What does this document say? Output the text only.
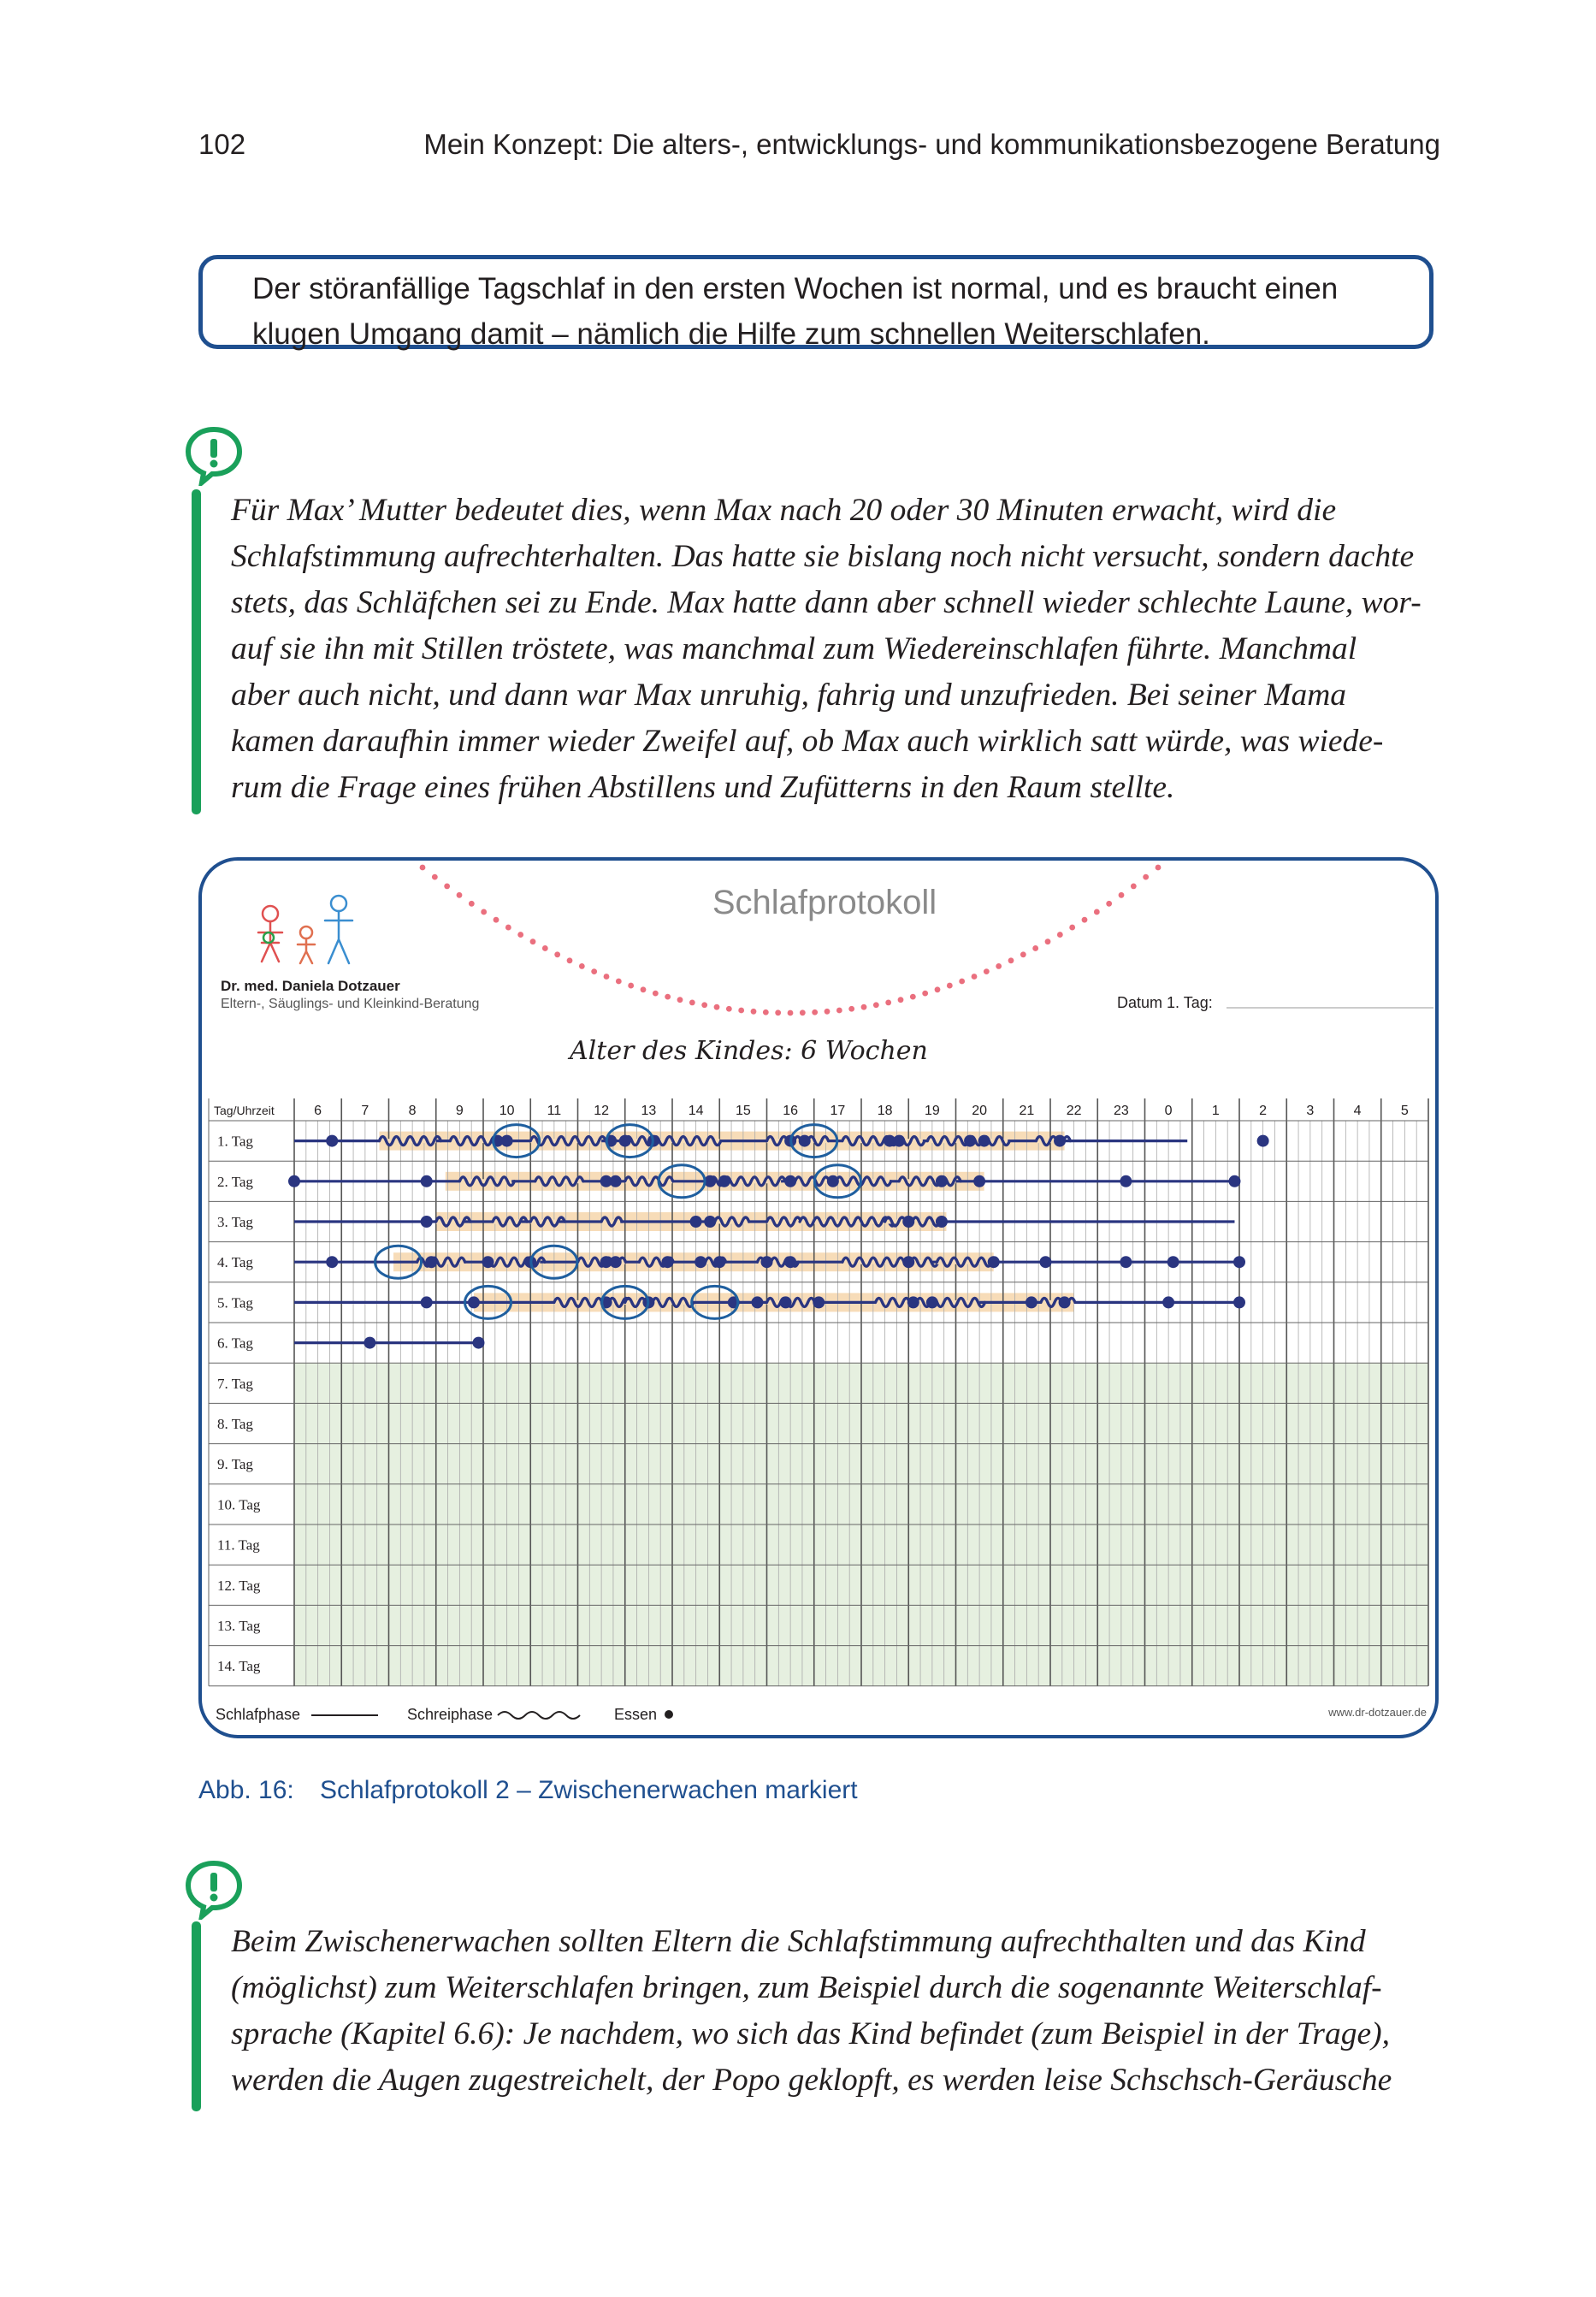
102	Mein Konzept: Die alters-, entwicklungs- und kommunikationsbezogene Beratung

Der störanfällige Tagschlaf in den ersten Wochen ist normal, und es braucht einen

klugen Umgang damit – nämlich die Hilfe zum schnellen Weiterschlafen.

Für Max’ Mutter bedeutet dies, wenn Max nach 20 oder 30 Minuten erwacht, wird die

Schlafstimmung aufrechterhalten. Das hatte sie bislang noch nicht versucht, sondern dachte

stets, das Schläfchen sei zu Ende. Max hatte dann aber schnell wieder schlechte Laune, wor-

auf sie ihn mit Stillen tröstete, was manchmal zum Wiedereinschlafen führte. Manchmal

aber auch nicht, und dann war Max unruhig, fahrig und unzufrieden. Bei seiner Mama

kamen daraufhin immer wieder Zweifel auf, ob Max auch wirklich satt würde, was wiede-

rum die Frage eines frühen Abstillens und Zufütterns in den Raum stellte.

Schlafprotokoll
Dr. med. Daniela Dotzauer
Eltern-, Säuglings- und Kleinkind-Beratung	Datum 1. Tag:
Alter des Kindes: 6 Wochen
Tag/Uhrzeit	6	7	8	9	10 11 12 13 14 15 16 17 18 19 20 21 22 23	0	1	2	3	4	5
1. Tag
2. Tag
3. Tag
4. Tag
5. Tag
6. Tag
7. Tag
8. Tag
9. Tag
10. Tag
11. Tag
12. Tag
13. Tag
14. Tag
Schlafphase	Schreiphase	Essen	www.dr-dotzauer.de
Abb. 16: Schlafprotokoll 2 – Zwischenerwachen markiert

Beim Zwischenerwachen sollten Eltern die Schlafstimmung aufrechthalten und das Kind

(möglichst) zum Weiterschlafen bringen, zum Beispiel durch die sogenannte Weiterschlaf-

sprache (Kapitel 6.6): Je nachdem, wo sich das Kind befindet (zum Beispiel in der Trage),

werden die Augen zugestreichelt, der Popo geklopft, es werden leise Schschsch-Geräusche
